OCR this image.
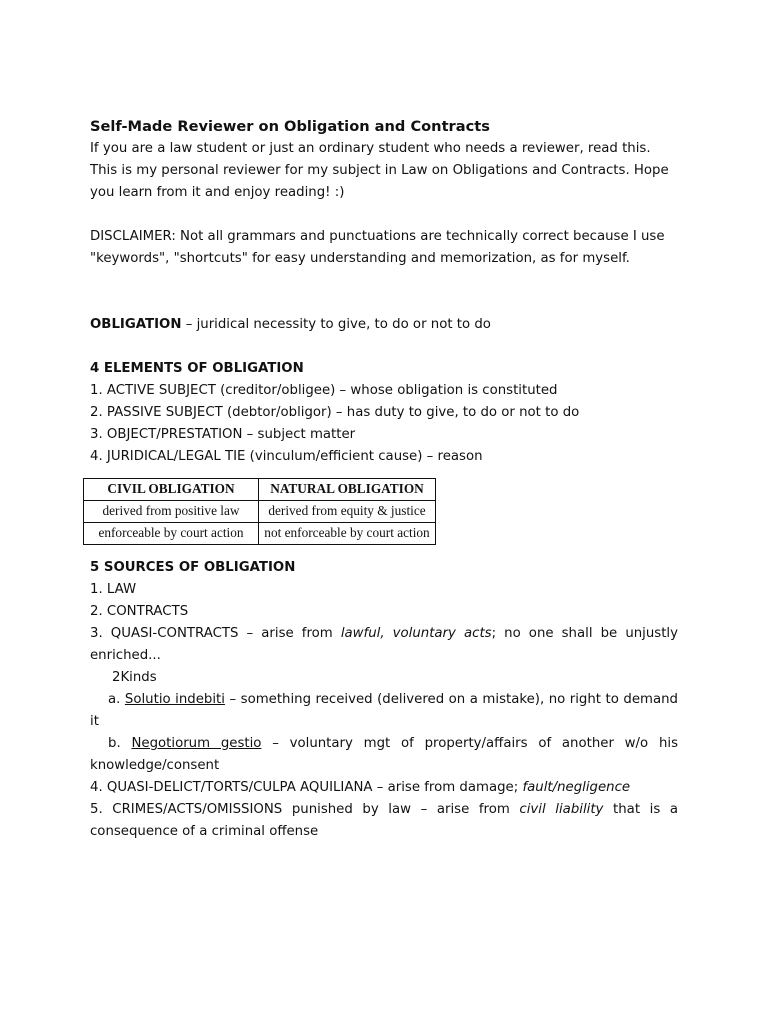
Self-Made Reviewer on Obligation and Contracts
If you are a law student or just an ordinary student who needs a reviewer, read this.
This is my personal reviewer for my subject in Law on Obligations and Contracts. Hope
you learn from it and enjoy reading! :)
DISCLAIMER: Not all grammars and punctuations are technically correct because I use
"keywords", "shortcuts" for easy understanding and memorization, as for myself.
OBLIGATION – juridical necessity to give, to do or not to do
4 ELEMENTS OF OBLIGATION
1. ACTIVE SUBJECT (creditor/obligee) – whose obligation is constituted
2. PASSIVE SUBJECT (debtor/obligor) – has duty to give, to do or not to do
3. OBJECT/PRESTATION – subject matter
4. JURIDICAL/LEGAL TIE (vinculum/efficient cause) – reason
CIVIL OBLIGATION	NATURAL OBLIGATION
derived from positive law	derived from equity & justice
enforceable by court action	not enforceable by court action
5 SOURCES OF OBLIGATION
1. LAW
2. CONTRACTS
3. QUASI-CONTRACTS – arise from lawful, voluntary acts; no one shall be unjustly enriched...
2Kinds
a. Solutio indebiti – something received (delivered on a mistake), no right to demand it
b. Negotiorum gestio – voluntary mgt of property/affairs of another w/o his knowledge/consent
4. QUASI-DELICT/TORTS/CULPA AQUILIANA – arise from damage; fault/negligence
5. CRIMES/ACTS/OMISSIONS punished by law – arise from civil liability that is a consequence of a criminal offense
